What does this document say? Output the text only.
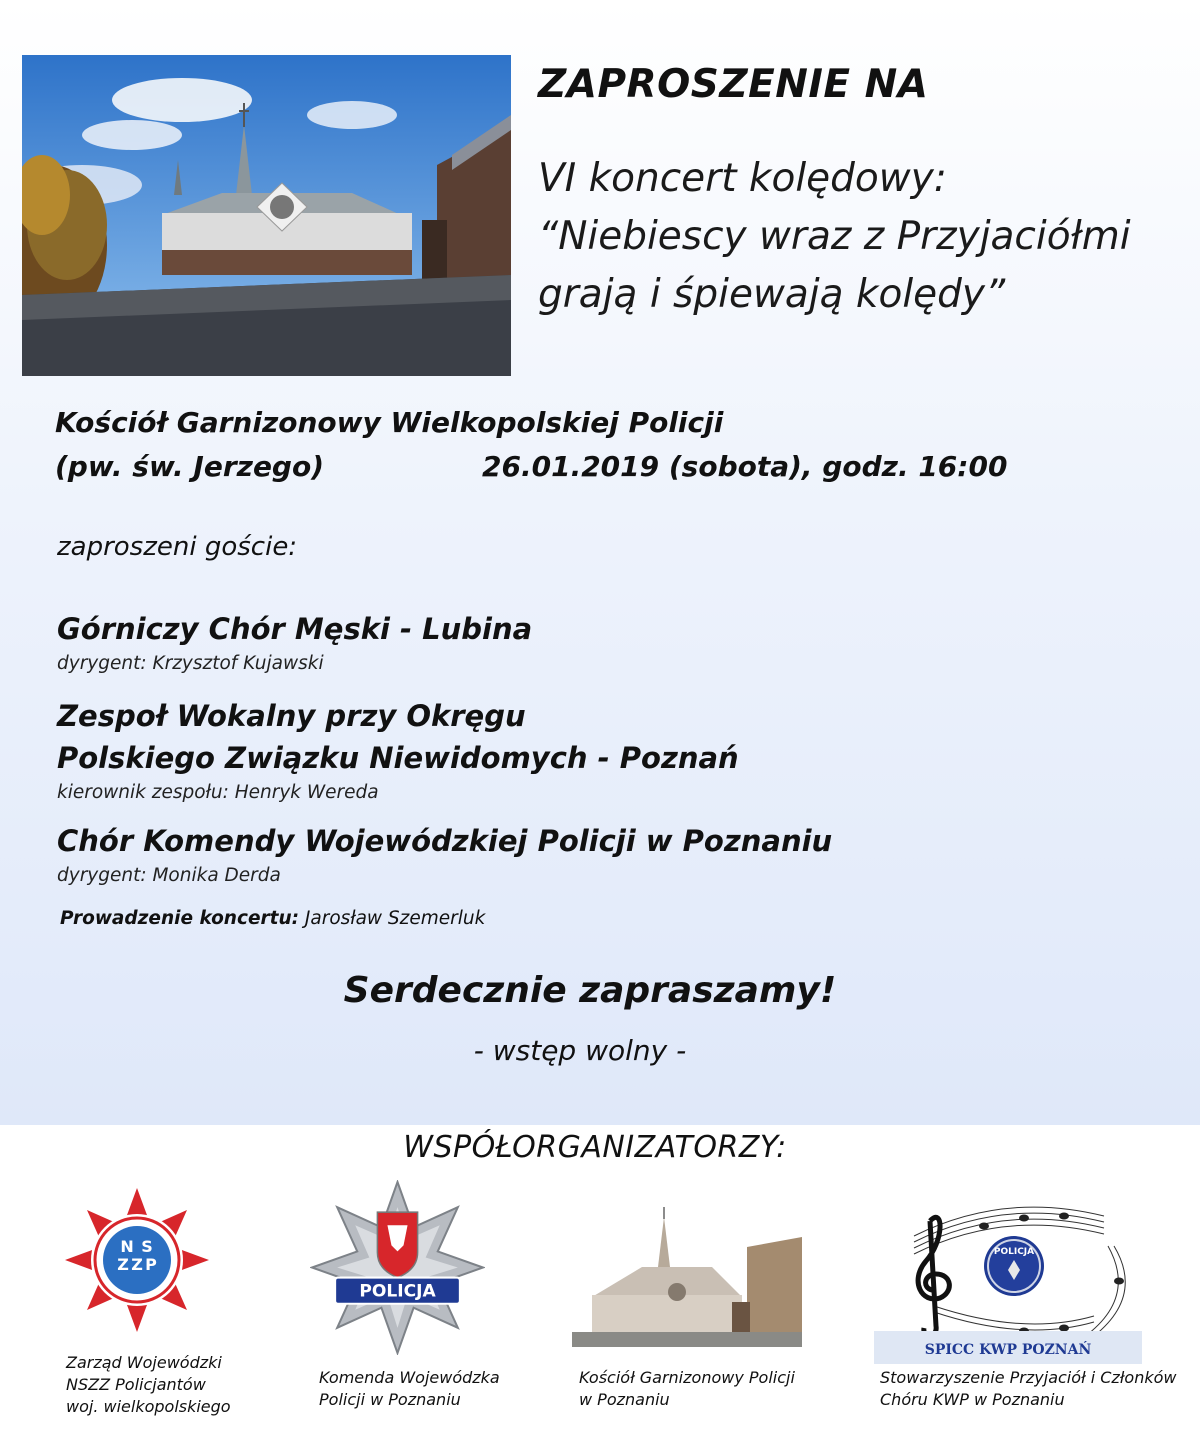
ZAPROSZENIE NA
VI koncert kolędowy:
“Niebiescy wraz z Przyjaciółmi
grają i śpiewają kolędy”
Kościół Garnizonowy Wielkopolskiej Policji
(pw. św. Jerzego)	26.01.2019 (sobota), godz. 16:00
zaproszeni goście:
Górniczy Chór Męski - Lubina
dyrygent: Krzysztof Kujawski
Zespoł Wokalny przy Okręgu
Polskiego Związku Niewidomych - Poznań
kierownik zespołu: Henryk Wereda
Chór Komendy Wojewódzkiej Policji w Poznaniu
dyrygent: Monika Derda
Prowadzenie koncertu: Jarosław Szemerluk
Serdecznie zapraszamy!
- wstęp wolny -
WSPÓŁORGANIZATORZY:
N S
Z Z P
Zarząd Wojewódzki
NSZZ Policjantów
woj. wielkopolskiego
POLICJA
Komenda Wojewódzka
Policji w Poznaniu
Kościół Garnizonowy Policji
w Poznaniu
POLICJA
SPICC KWP POZNAŃ
Stowarzyszenie Przyjaciół i Członków
Chóru KWP w Poznaniu
